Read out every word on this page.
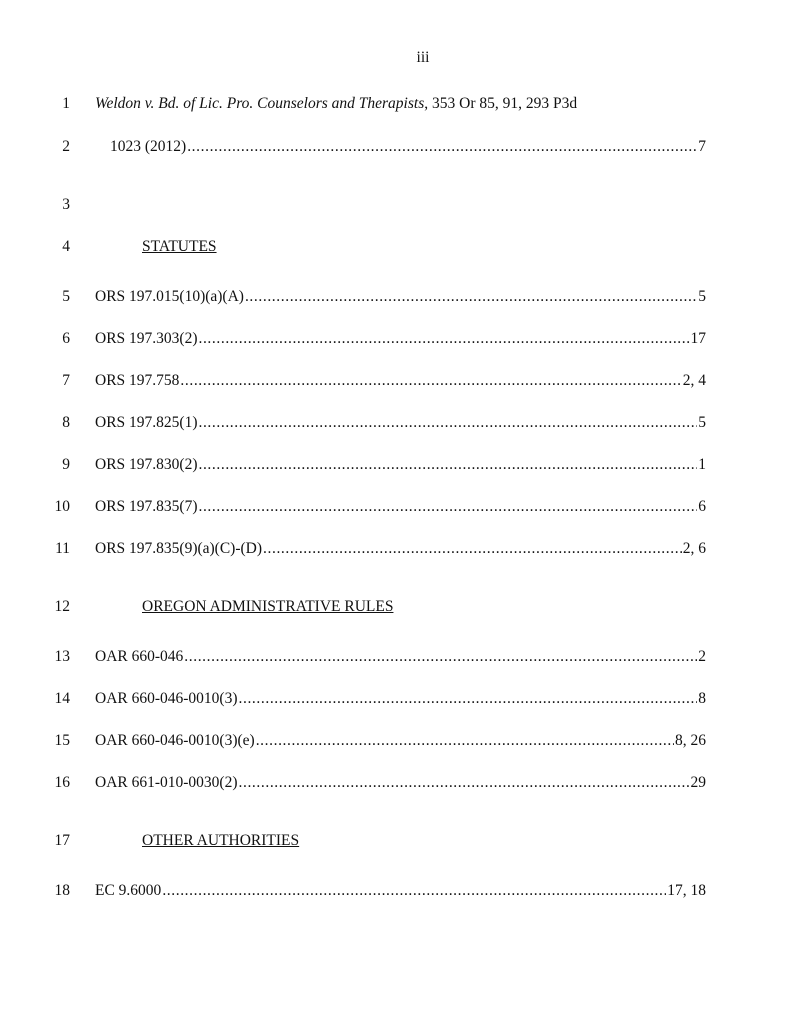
iii
1 Weldon v. Bd. of Lic. Pro. Counselors and Therapists, 353 Or 85, 91, 293 P3d
2	1023 (2012) .....	7
3
4	STATUTES
5 ORS 197.015(10)(a)(A) .....	5
6 ORS 197.303(2) .....	17
7 ORS 197.758 .....	2, 4
8 ORS 197.825(1) .....	5
9 ORS 197.830(2) .....	1
10 ORS 197.835(7) .....	6
11 ORS 197.835(9)(a)(C)-(D) .....	2, 6
12	OREGON ADMINISTRATIVE RULES
13 OAR 660-046 .....	2
14 OAR 660-046-0010(3) .....	8
15 OAR 660-046-0010(3)(e) .....	8, 26
16 OAR 661-010-0030(2) .....	29
17	OTHER AUTHORITIES
18 EC 9.6000 .....	17, 18
